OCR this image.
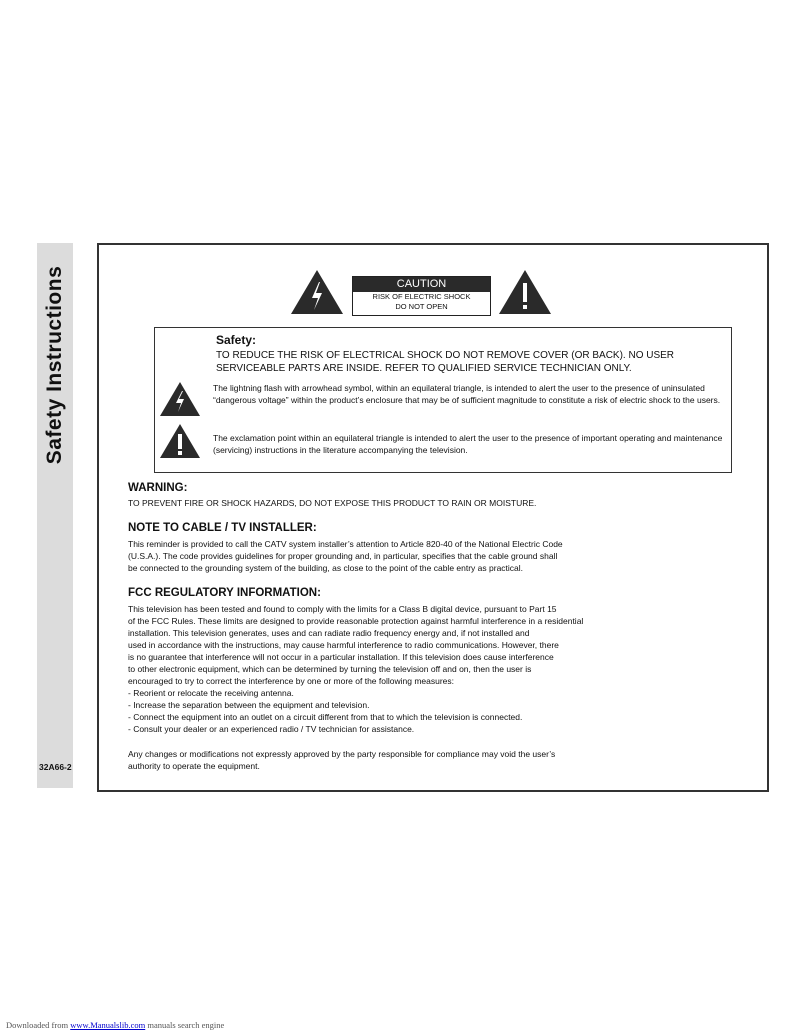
Safety Instructions
32A66-2
CAUTION
RISK OF ELECTRIC SHOCK
DO NOT OPEN
Safety:
TO REDUCE THE RISK OF ELECTRICAL SHOCK DO NOT REMOVE COVER (OR BACK). NO USER SERVICEABLE PARTS ARE INSIDE. REFER TO QUALIFIED SERVICE TECHNICIAN ONLY.
The lightning flash with arrowhead symbol, within an equilateral triangle, is intended to alert the user to the presence of uninsulated “dangerous voltage” within the product’s enclosure that may be of sufficient magnitude to constitute a risk of electric shock to the users.
The exclamation point within an equilateral triangle is intended to alert the user to the presence of important operating and maintenance (servicing) instructions in the literature accompanying the television.
WARNING:
TO PREVENT FIRE OR SHOCK HAZARDS, DO NOT EXPOSE THIS PRODUCT TO RAIN OR MOISTURE.
NOTE TO CABLE / TV INSTALLER:
This reminder is provided to call the CATV system installer’s attention to Article 820-40 of the National Electric Code
(U.S.A.). The code provides guidelines for proper grounding and, in particular, specifies that the cable ground shall
be connected to the grounding system of the building, as close to the point of the cable entry as practical.
FCC REGULATORY INFORMATION:
This television has been tested and found to comply with the limits for a Class B digital device, pursuant to Part 15
of the FCC Rules. These limits are designed to provide reasonable protection against harmful interference in a residential
installation. This television generates, uses and can radiate radio frequency energy and, if not installed and
used in accordance with the instructions, may cause harmful interference to radio communications. However, there
is no guarantee that interference will not occur in a particular installation. If this television does cause interference
to other electronic equipment, which can be determined by turning the television off and on, then the user is
encouraged to try to correct the interference by one or more of the following measures:
- Reorient or relocate the receiving antenna.
- Increase the separation between the equipment and television.
- Connect the equipment into an outlet on a circuit different from that to which the television is connected.
- Consult your dealer or an experienced radio / TV technician for assistance.
Any changes or modifications not expressly approved by the party responsible for compliance may void the user’s
authority to operate the equipment.
Downloaded from www.Manualslib.com manuals search engine
